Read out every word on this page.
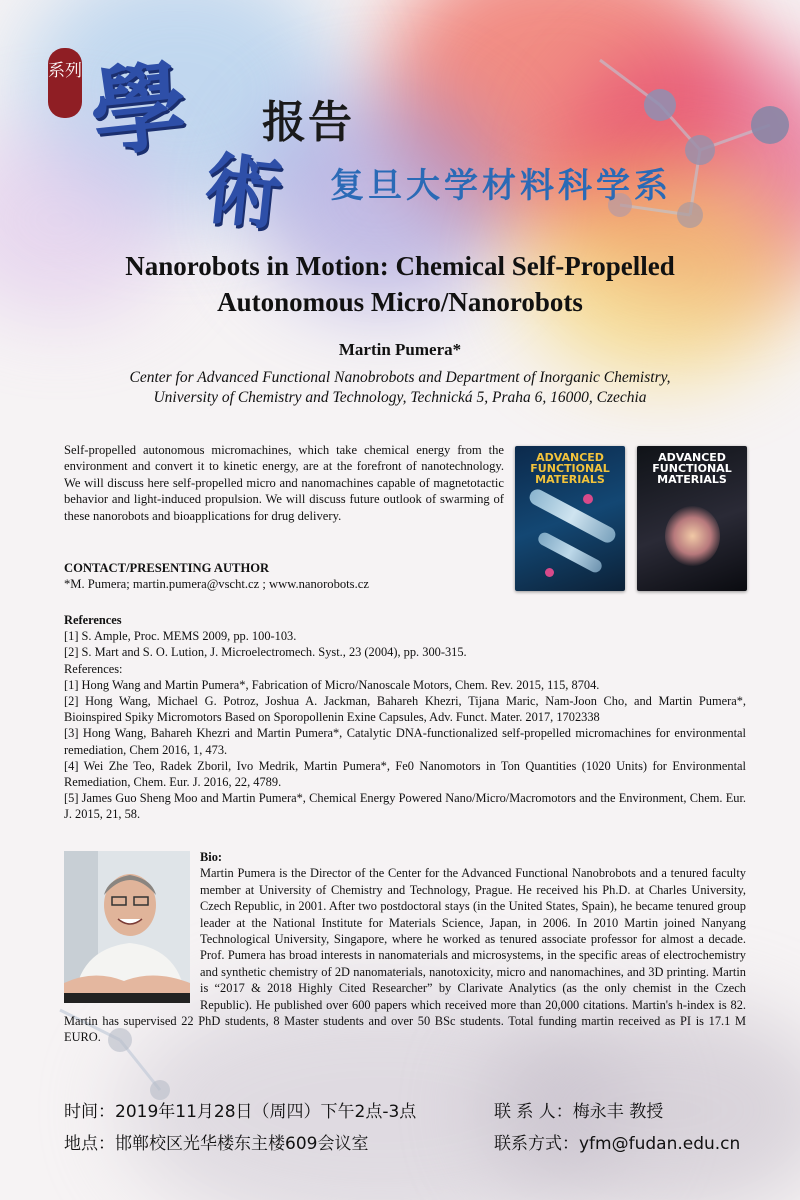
系列 學
術
报告
复旦大学材料科学系
Nanorobots in Motion: Chemical Self-Propelled
Autonomous Micro/Nanorobots
Martin Pumera*
Center for Advanced Functional Nanobrobots and Department of Inorganic Chemistry,
University of Chemistry and Technology, Technická 5, Praha 6, 16000, Czechia
Self-propelled autonomous micromachines, which take chemical energy from the environment and convert it to kinetic energy, are at the forefront of nanotechnology. We will discuss here self-propelled micro and nanomachines capable of magnetotactic behavior and light-induced propulsion. We will discuss future outlook of swarming of these nanorobots and bioapplications for drug delivery.
ADVANCED
FUNCTIONAL
MATERIALS
ADVANCED
FUNCTIONAL
MATERIALS
CONTACT/PRESENTING AUTHOR
*M. Pumera; martin.pumera@vscht.cz ; www.nanorobots.cz
References
[1] S. Ample, Proc. MEMS 2009, pp. 100-103.
[2] S. Mart and S. O. Lution, J. Microelectromech. Syst., 23 (2004), pp. 300-315.
References:
[1] Hong Wang and Martin Pumera*, Fabrication of Micro/Nanoscale Motors, Chem. Rev. 2015, 115, 8704.
[2] Hong Wang, Michael G. Potroz, Joshua A. Jackman, Bahareh Khezri, Tijana Maric, Nam-Joon Cho, and Martin Pumera*, Bioinspired Spiky Micromotors Based on Sporopollenin Exine Capsules, Adv. Funct. Mater. 2017, 1702338
[3] Hong Wang, Bahareh Khezri and Martin Pumera*, Catalytic DNA-functionalized self-propelled micromachines for environmental remediation, Chem 2016, 1, 473.
[4] Wei Zhe Teo, Radek Zboril, Ivo Medrik, Martin Pumera*, Fe0 Nanomotors in Ton Quantities (1020 Units) for Environmental Remediation, Chem. Eur. J. 2016, 22, 4789.
[5] James Guo Sheng Moo and Martin Pumera*, Chemical Energy Powered Nano/Micro/Macromotors and the Environment, Chem. Eur. J. 2015, 21, 58.
Bio:
Martin Pumera is the Director of the Center for the Advanced Functional Nanobrobots and a tenured faculty member at University of Chemistry and Technology, Prague. He received his Ph.D. at Charles University, Czech Republic, in 2001. After two postdoctoral stays (in the United States, Spain), he became tenured group leader at the National Institute for Materials Science, Japan, in 2006. In 2010 Martin joined Nanyang Technological University, Singapore, where he worked as tenured associate professor for almost a decade. Prof. Pumera has broad interests in nanomaterials and microsystems, in the specific areas of electrochemistry and synthetic chemistry of 2D nanomaterials, nanotoxicity, micro and nanomachines, and 3D printing. Martin is “2017 & 2018 Highly Cited Researcher” by Clarivate Analytics (as the only chemist in the Czech Republic). He published over 600 papers which received more than 20,000 citations. Martin's h-index is 82. Martin has supervised 22 PhD students, 8 Master students and over 50 BSc students. Total funding martin received as PI is 17.1 M EURO.
时间：2019年11月28日（周四）下午2点-3点
地点：邯郸校区光华楼东主楼609会议室
联 系 人：梅永丰 教授
联系方式：yfm@fudan.edu.cn
